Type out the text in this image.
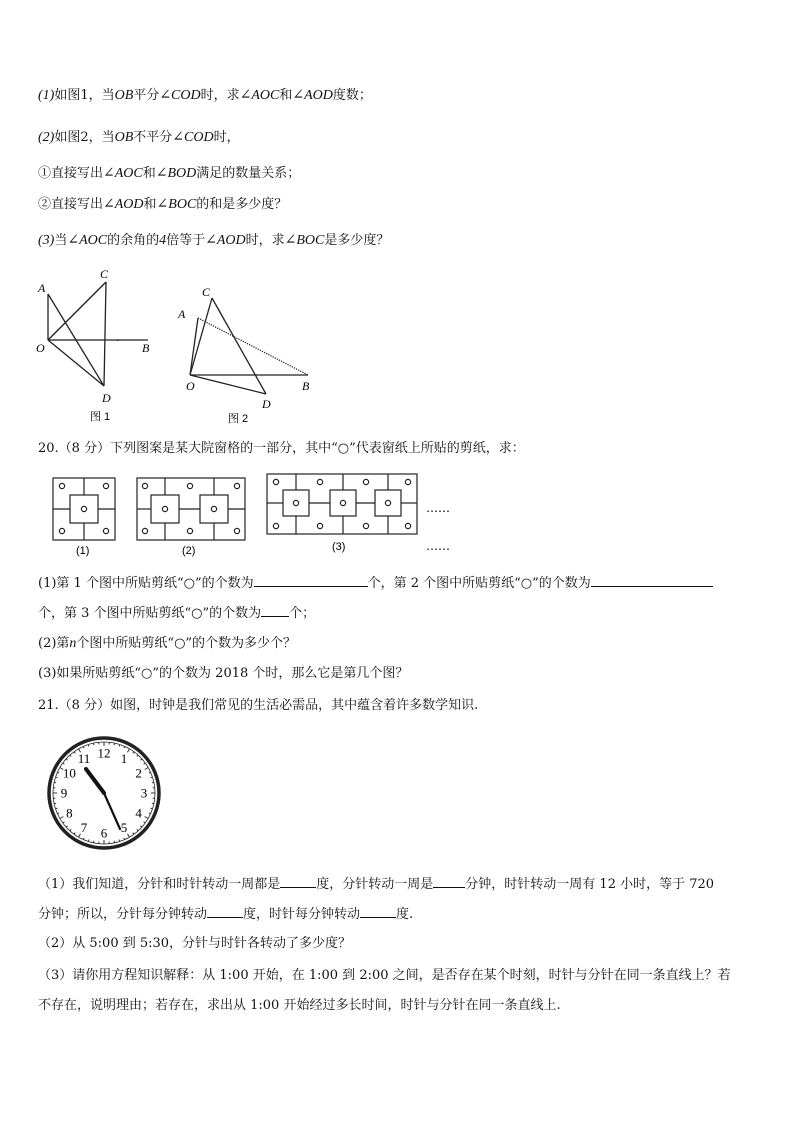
(1)如图1，当OB平分∠COD时，求∠AOC和∠AOD度数；
(2)如图2，当OB不平分∠COD时，
①直接写出∠AOC和∠BOD满足的数量关系；
②直接写出∠AOD和∠BOC的和是多少度？
(3)当∠AOC的余角的4倍等于∠AOD时，求∠BOC是多少度？
A
C
O	B
D
·
图 1
C
A
O	B
D
图 2
20.（8 分）下列图案是某大院窗格的一部分，其中“○”代表窗纸上所贴的剪纸，求：
……
……
(1)	(2)	(3)
(1)第 1 个图中所贴剪纸“○”的个数为	个，第 2 个图中所贴剪纸“○”的个数为
个，第 3 个图中所贴剪纸“○”的个数为 个；
(2)第n个图中所贴剪纸“○”的个数为多少个？
(3)如果所贴剪纸“○”的个数为 2018 个时，那么它是第几个图？
21.（8 分）如图，时钟是我们常见的生活必需品，其中蕴含着许多数学知识.
12 1
2
3
4
5
6
7
8
9
10
11
（1）我们知道，分针和时针转动一周都是	度，分针转动一周是 分钟，时针转动一周有 12 小时，等于 720
分钟；所以，分针每分钟转动	度，时针每分钟转动	度.
（2）从 5:00 到 5:30，分针与时针各转动了多少度？
（3）请你用方程知识解释：从 1:00 开始，在 1:00 到 2:00 之间，是否存在某个时刻，时针与分针在同一条直线上？若
不存在，说明理由；若存在，求出从 1:00 开始经过多长时间，时针与分针在同一条直线上.
